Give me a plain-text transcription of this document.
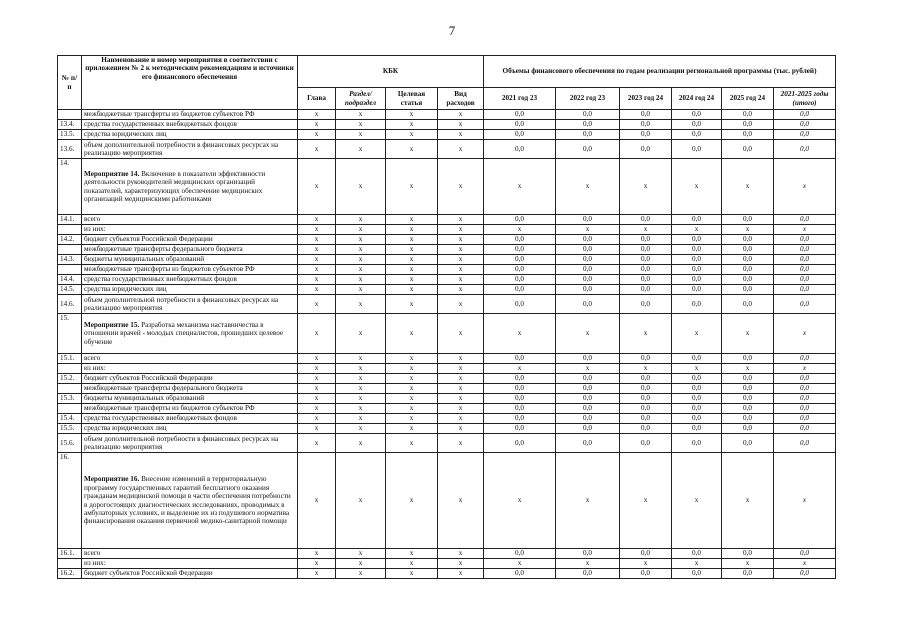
7
№ п/п	Наименование и номер мероприятия в соответствии с приложением № 2 к методическим рекомендациям и источники его финансового обеспечения	КБК				Объемы финансового обеспечения по годам реализации региональной программы (тыс. рублей)					
		Глава	Раздел/ подраздел	Целевая статья	Вид расходов	2021 год 23	2022 год 23	2023 год 24	2024 год 24	2025 год 24	2021-2025 годы (итого)
	межбюджетные трансферты из бюджетов субъектов РФ	x	x	x	x	0,0	0,0	0,0	0,0	0,0	0,0
13.4.	средства государственных внебюджетных фондов	x	x	x	x	0,0	0,0	0,0	0,0	0,0	0,0
13.5.	средства юридических лиц	x	x	x	x	0,0	0,0	0,0	0,0	0,0	0,0
13.6.	объем дополнительной потребности в финансовых ресурсах на реализацию мероприятия	x	x	x	x	0,0	0,0	0,0	0,0	0,0	0,0
14.	Мероприятие 14. Включение в показатели эффективности деятельности руководителей медицинских организаций показателей, характеризующих обеспечение медицинских организаций медицинскими работниками	x	x	x	x	x	x	x	x	x	x
14.1.	всего	x	x	x	x	0,0	0,0	0,0	0,0	0,0	0,0
	из них:	x	x	x	x	x	x	x	x	x	x
14.2.	бюджет субъектов Российской Федерации	x	x	x	x	0,0	0,0	0,0	0,0	0,0	0,0
	межбюджетные трансферты федерального бюджета	x	x	x	x	0,0	0,0	0,0	0,0	0,0	0,0
14.3.	бюджеты муниципальных образований	x	x	x	x	0,0	0,0	0,0	0,0	0,0	0,0
	межбюджетные трансферты из бюджетов субъектов РФ	x	x	x	x	0,0	0,0	0,0	0,0	0,0	0,0
14.4.	средства государственных внебюджетных фондов	x	x	x	x	0,0	0,0	0,0	0,0	0,0	0,0
14.5.	средства юридических лиц	x	x	x	x	0,0	0,0	0,0	0,0	0,0	0,0
14.6.	объем дополнительной потребности в финансовых ресурсах на реализацию мероприятия	x	x	x	x	0,0	0,0	0,0	0,0	0,0	0,0
15.	Мероприятие 15. Разработка механизма наставничества в отношении врачей - молодых специалистов, прошедших целевое обучение	x	x	x	x	x	x	x	x	x	x
15.1.	всего	x	x	x	x	0,0	0,0	0,0	0,0	0,0	0,0
	из них:	x	x	x	x	x	x	x	x	x	x
15.2.	бюджет субъектов Российской Федерации	x	x	x	x	0,0	0,0	0,0	0,0	0,0	0,0
	межбюджетные трансферты федерального бюджета	x	x	x	x	0,0	0,0	0,0	0,0	0,0	0,0
15.3.	бюджеты муниципальных образований	x	x	x	x	0,0	0,0	0,0	0,0	0,0	0,0
	межбюджетные трансферты из бюджетов субъектов РФ	x	x	x	x	0,0	0,0	0,0	0,0	0,0	0,0
15.4.	средства государственных внебюджетных фондов	x	x	x	x	0,0	0,0	0,0	0,0	0,0	0,0
15.5.	средства юридических лиц	x	x	x	x	0,0	0,0	0,0	0,0	0,0	0,0
15.6.	объем дополнительной потребности в финансовых ресурсах на реализацию мероприятия	x	x	x	x	0,0	0,0	0,0	0,0	0,0	0,0
16.	Мероприятие 16. Внесение изменений в территориальную программу государственных гарантий бесплатного оказания гражданам медицинской помощи в части обеспечения потребности в дорогостоящих диагностических исследованиях, проводимых в амбулаторных условиях, и выделение их из подушевого норматива финансирования оказания первичной медико-санитарной помощи	x	x	x	x	x	x	x	x	x	x
16.1.	всего	x	x	x	x	0,0	0,0	0,0	0,0	0,0	0,0
	из них:	x	x	x	x	x	x	x	x	x	x
16.2.	бюджет субъектов Российской Федерации	x	x	x	x	0,0	0,0	0,0	0,0	0,0	0,0
